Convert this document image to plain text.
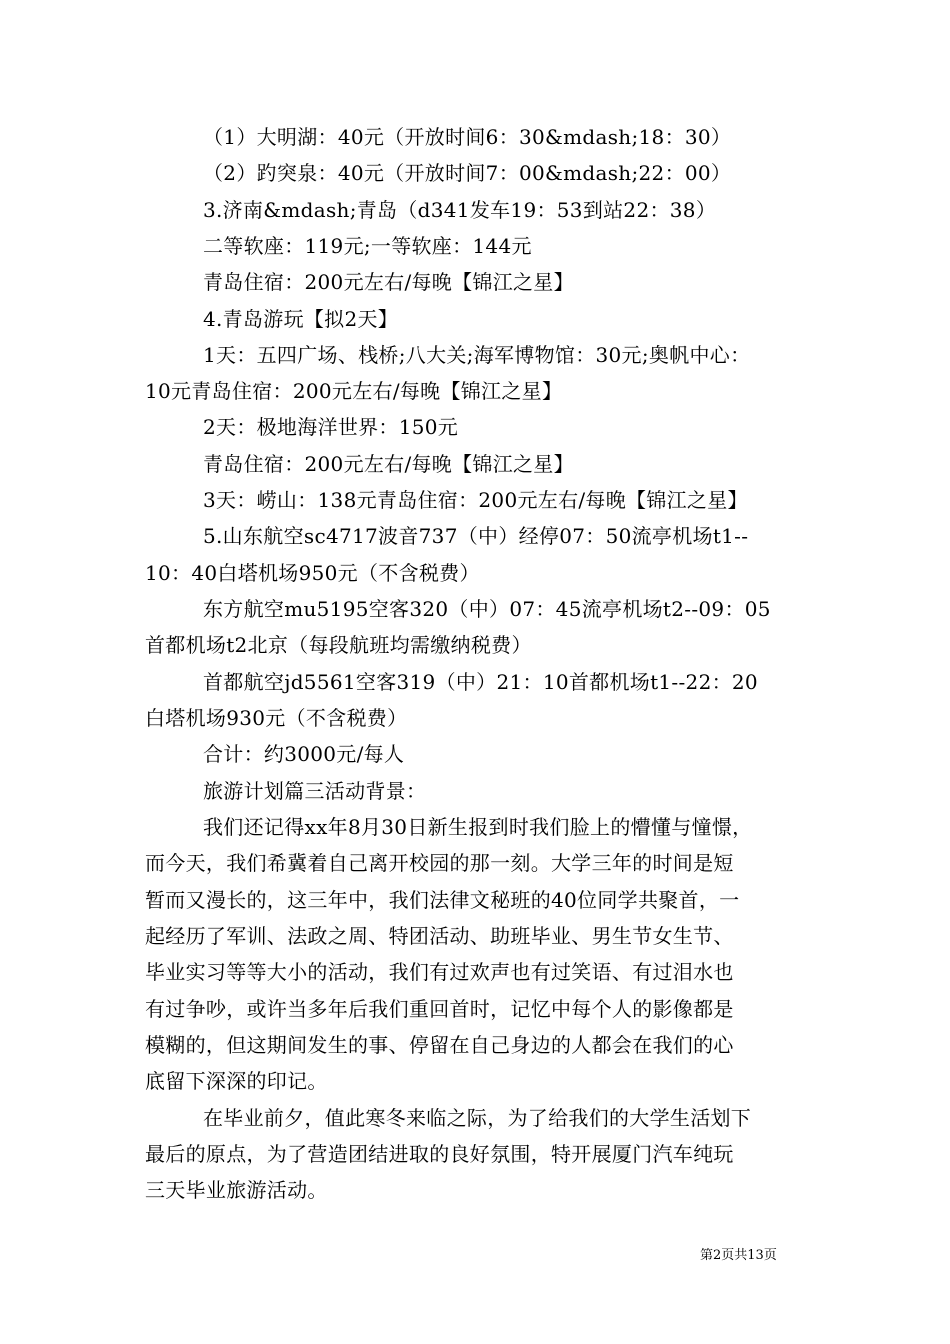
（1）大明湖：40元（开放时间6：30&mdash;18：30）
（2）趵突泉：40元（开放时间7：00&mdash;22：00）
3.济南&mdash;青岛（d341发车19：53到站22：38）
二等软座：119元;一等软座：144元
青岛住宿：200元左右/每晚【锦江之星】
4.青岛游玩【拟2天】
1天：五四广场、栈桥;八大关;海军博物馆：30元;奥帆中心：
10元青岛住宿：200元左右/每晚【锦江之星】
2天：极地海洋世界：150元
青岛住宿：200元左右/每晚【锦江之星】
3天：崂山：138元青岛住宿：200元左右/每晚【锦江之星】
5.山东航空sc4717波音737（中）经停07：50流亭机场t1--
10：40白塔机场950元（不含税费）
东方航空mu5195空客320（中）07：45流亭机场t2--09：05
首都机场t2北京（每段航班均需缴纳税费）
首都航空jd5561空客319（中）21：10首都机场t1--22：20
白塔机场930元（不含税费）
合计：约3000元/每人
旅游计划篇三活动背景：
我们还记得xx年8月30日新生报到时我们脸上的懵懂与憧憬，
而今天，我们希冀着自己离开校园的那一刻。大学三年的时间是短
暂而又漫长的，这三年中，我们法律文秘班的40位同学共聚首，一
起经历了军训、法政之周、特团活动、助班毕业、男生节女生节、
毕业实习等等大小的活动，我们有过欢声也有过笑语、有过泪水也
有过争吵，或许当多年后我们重回首时，记忆中每个人的影像都是
模糊的，但这期间发生的事、停留在自己身边的人都会在我们的心
底留下深深的印记。
在毕业前夕，值此寒冬来临之际，为了给我们的大学生活划下
最后的原点，为了营造团结进取的良好氛围，特开展厦门汽车纯玩
三天毕业旅游活动。
第2页共13页
